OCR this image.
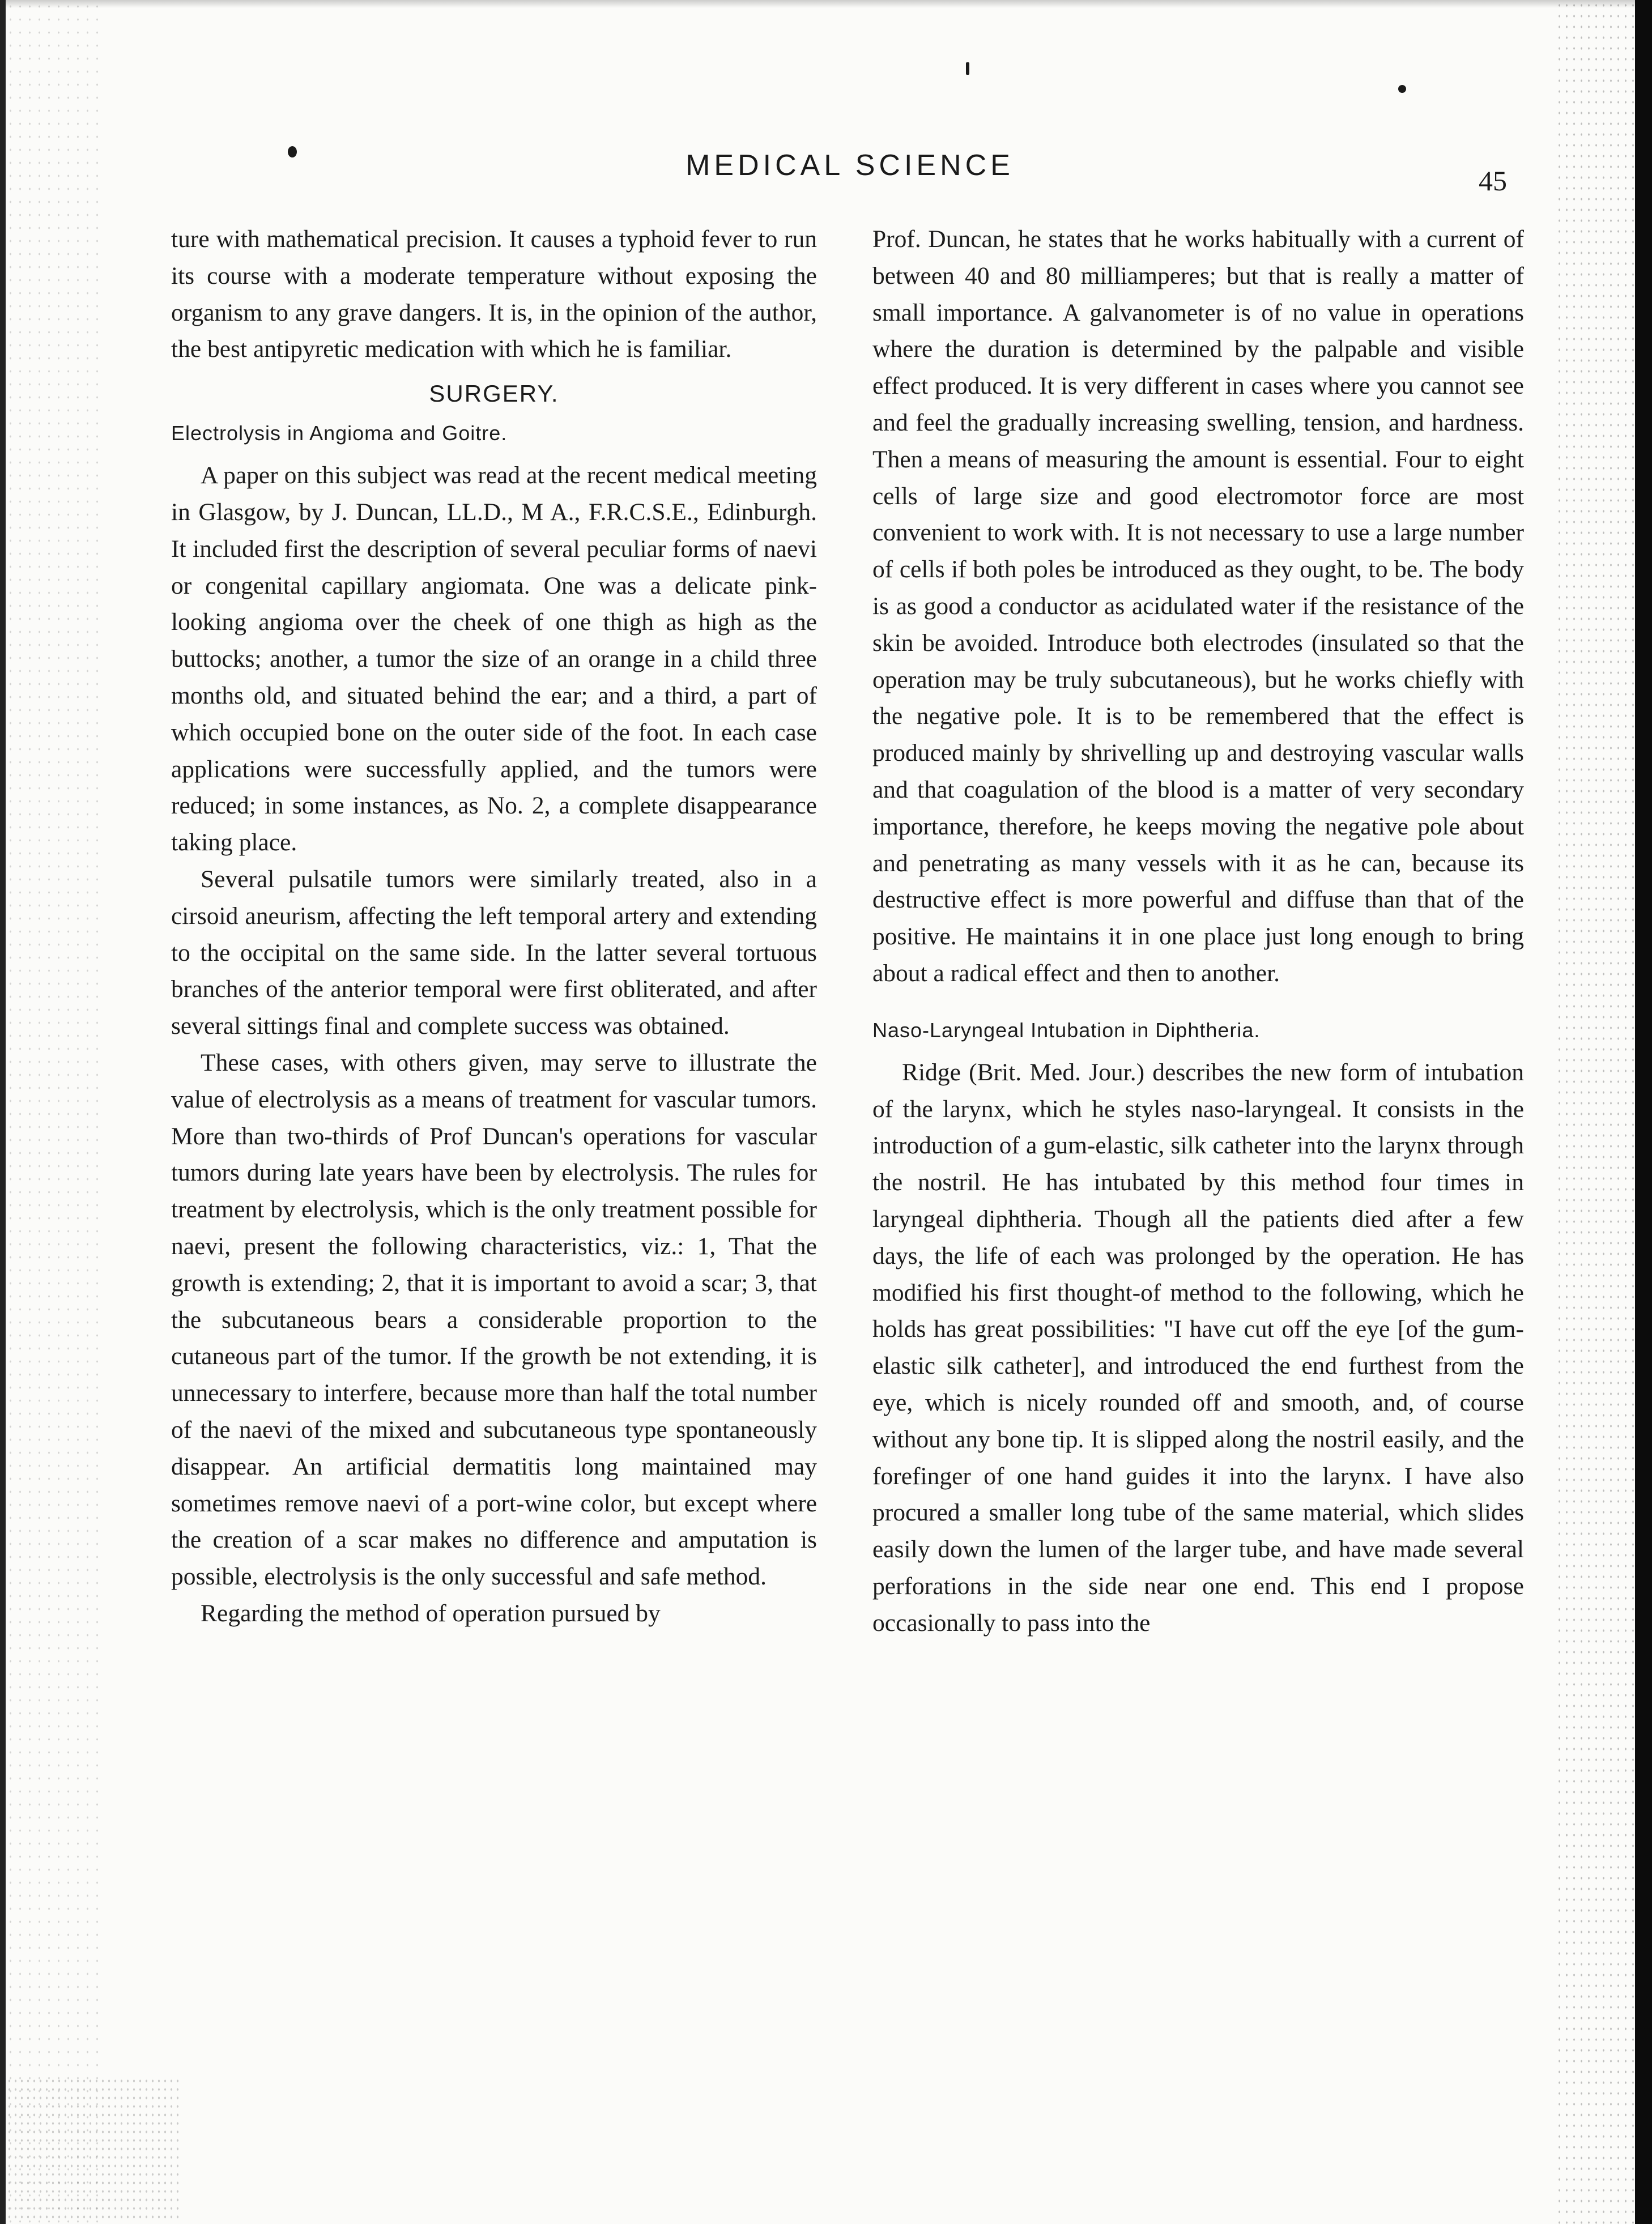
MEDICAL SCIENCE	45

ture with mathematical precision. It causes a typhoid fever to run its course with a moderate temperature without exposing the organism to any grave dangers. It is, in the opinion of the author, the best antipyretic medication with which he is familiar.

SURGERY.
Electrolysis in Angioma and Goitre.

A paper on this subject was read at the recent medical meeting in Glasgow, by J. Duncan, LL.D., M A., F.R.C.S.E., Edinburgh. It included first the description of several peculiar forms of naevi or congenital capillary angiomata. One was a delicate pink-looking angioma over the cheek of one thigh as high as the buttocks; another, a tumor the size of an orange in a child three months old, and situated behind the ear; and a third, a part of which occupied bone on the outer side of the foot. In each case applications were successfully applied, and the tumors were reduced; in some instances, as No. 2, a complete disappearance taking place.

Several pulsatile tumors were similarly treated, also in a cirsoid aneurism, affecting the left temporal artery and extending to the occipital on the same side. In the latter several tortuous branches of the anterior temporal were first obliterated, and after several sittings final and complete success was obtained.

These cases, with others given, may serve to illustrate the value of electrolysis as a means of treatment for vascular tumors. More than two-thirds of Prof Duncan's operations for vascular tumors during late years have been by electrolysis. The rules for treatment by electrolysis, which is the only treatment possible for naevi, present the following characteristics, viz.: 1, That the growth is extending; 2, that it is important to avoid a scar; 3, that the subcutaneous bears a considerable proportion to the cutaneous part of the tumor. If the growth be not extending, it is unnecessary to interfere, because more than half the total number of the naevi of the mixed and subcutaneous type spontaneously disappear. An artificial dermatitis long maintained may sometimes remove naevi of a port-wine color, but except where the creation of a scar makes no difference and amputation is possible, electrolysis is the only successful and safe method.

Regarding the method of operation pursued by

Prof. Duncan, he states that he works habitually with a current of between 40 and 80 milliamperes; but that is really a matter of small importance. A galvanometer is of no value in operations where the duration is determined by the palpable and visible effect produced. It is very different in cases where you cannot see and feel the gradually increasing swelling, tension, and hardness. Then a means of measuring the amount is essential. Four to eight cells of large size and good electromotor force are most convenient to work with. It is not necessary to use a large number of cells if both poles be introduced as they ought, to be. The body is as good a conductor as acidulated water if the resistance of the skin be avoided. Introduce both electrodes (insulated so that the operation may be truly subcutaneous), but he works chiefly with the negative pole. It is to be remembered that the effect is produced mainly by shrivelling up and destroying vascular walls and that coagulation of the blood is a matter of very secondary importance, therefore, he keeps moving the negative pole about and penetrating as many vessels with it as he can, because its destructive effect is more powerful and diffuse than that of the positive. He maintains it in one place just long enough to bring about a radical effect and then to another.

Naso-Laryngeal Intubation in Diphtheria.

Ridge (Brit. Med. Jour.) describes the new form of intubation of the larynx, which he styles naso-laryngeal. It consists in the introduction of a gum-elastic, silk catheter into the larynx through the nostril. He has intubated by this method four times in laryngeal diphtheria. Though all the patients died after a few days, the life of each was prolonged by the operation. He has modified his first thought-of method to the following, which he holds has great possibilities: "I have cut off the eye [of the gum-elastic silk catheter], and introduced the end furthest from the eye, which is nicely rounded off and smooth, and, of course without any bone tip. It is slipped along the nostril easily, and the forefinger of one hand guides it into the larynx. I have also procured a smaller long tube of the same material, which slides easily down the lumen of the larger tube, and have made several perforations in the side near one end. This end I propose occasionally to pass into the
